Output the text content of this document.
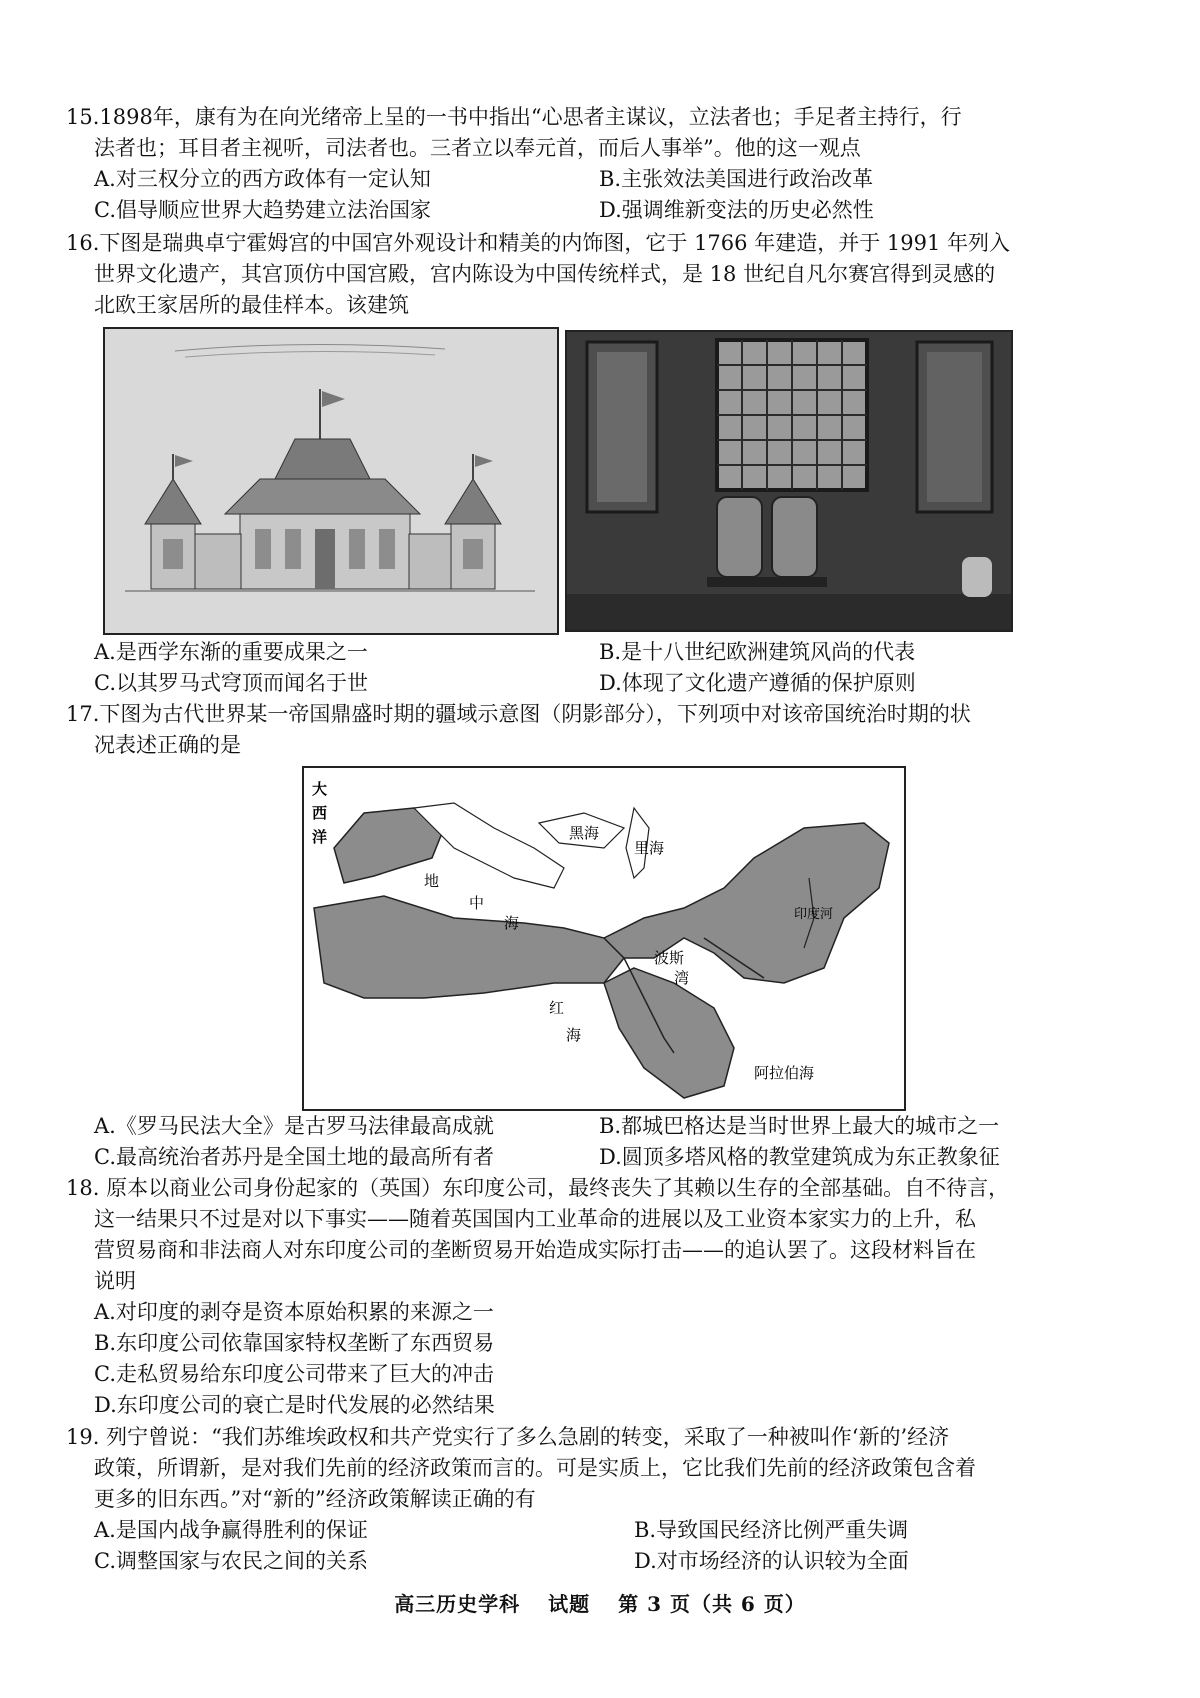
15.1898年，康有为在向光绪帝上呈的一书中指出“心思者主谋议，立法者也；手足者主持行，行

法者也；耳目者主视听，司法者也。三者立以奉元首，而后人事举”。他的这一观点

A.对三权分立的西方政体有一定认知	B.主张效法美国进行政治改革
C.倡导顺应世界大趋势建立法治国家	D.强调维新变法的历史必然性

16.下图是瑞典卓宁霍姆宫的中国宫外观设计和精美的内饰图，它于 1766 年建造，并于 1991 年列入

世界文化遗产，其宫顶仿中国宫殿，宫内陈设为中国传统样式，是 18 世纪自凡尔赛宫得到灵感的

北欧王家居所的最佳样本。该建筑

A.是西学东渐的重要成果之一	B.是十八世纪欧洲建筑风尚的代表
C.以其罗马式穹顶而闻名于世	D.体现了文化遗产遵循的保护原则

17.下图为古代世界某一帝国鼎盛时期的疆域示意图（阴影部分），下列项中对该帝国统治时期的状

况表述正确的是

大
西
洋	黑海
里海
地
中
海
红
海
波斯
湾
印度河
阿拉伯海
A.《罗马民法大全》是古罗马法律最高成就	B.都城巴格达是当时世界上最大的城市之一
C.最高统治者苏丹是全国土地的最高所有者	D.圆顶多塔风格的教堂建筑成为东正教象征

18. 原本以商业公司身份起家的（英国）东印度公司，最终丧失了其赖以生存的全部基础。自不待言，

这一结果只不过是对以下事实——随着英国国内工业革命的进展以及工业资本家实力的上升，私

营贸易商和非法商人对东印度公司的垄断贸易开始造成实际打击——的追认罢了。这段材料旨在

说明

A.对印度的剥夺是资本原始积累的来源之一

B.东印度公司依靠国家特权垄断了东西贸易

C.走私贸易给东印度公司带来了巨大的冲击

D.东印度公司的衰亡是时代发展的必然结果

19. 列宁曾说：“我们苏维埃政权和共产党实行了多么急剧的转变，采取了一种被叫作‘新的’经济

政策，所谓新，是对我们先前的经济政策而言的。可是实质上，它比我们先前的经济政策包含着

更多的旧东西。”对“新的”经济政策解读正确的有

A.是国内战争赢得胜利的保证	B.导致国民经济比例严重失调
C.调整国家与农民之间的关系	D.对市场经济的认识较为全面
高三历史学科 试题 第 3 页（共 6 页）
